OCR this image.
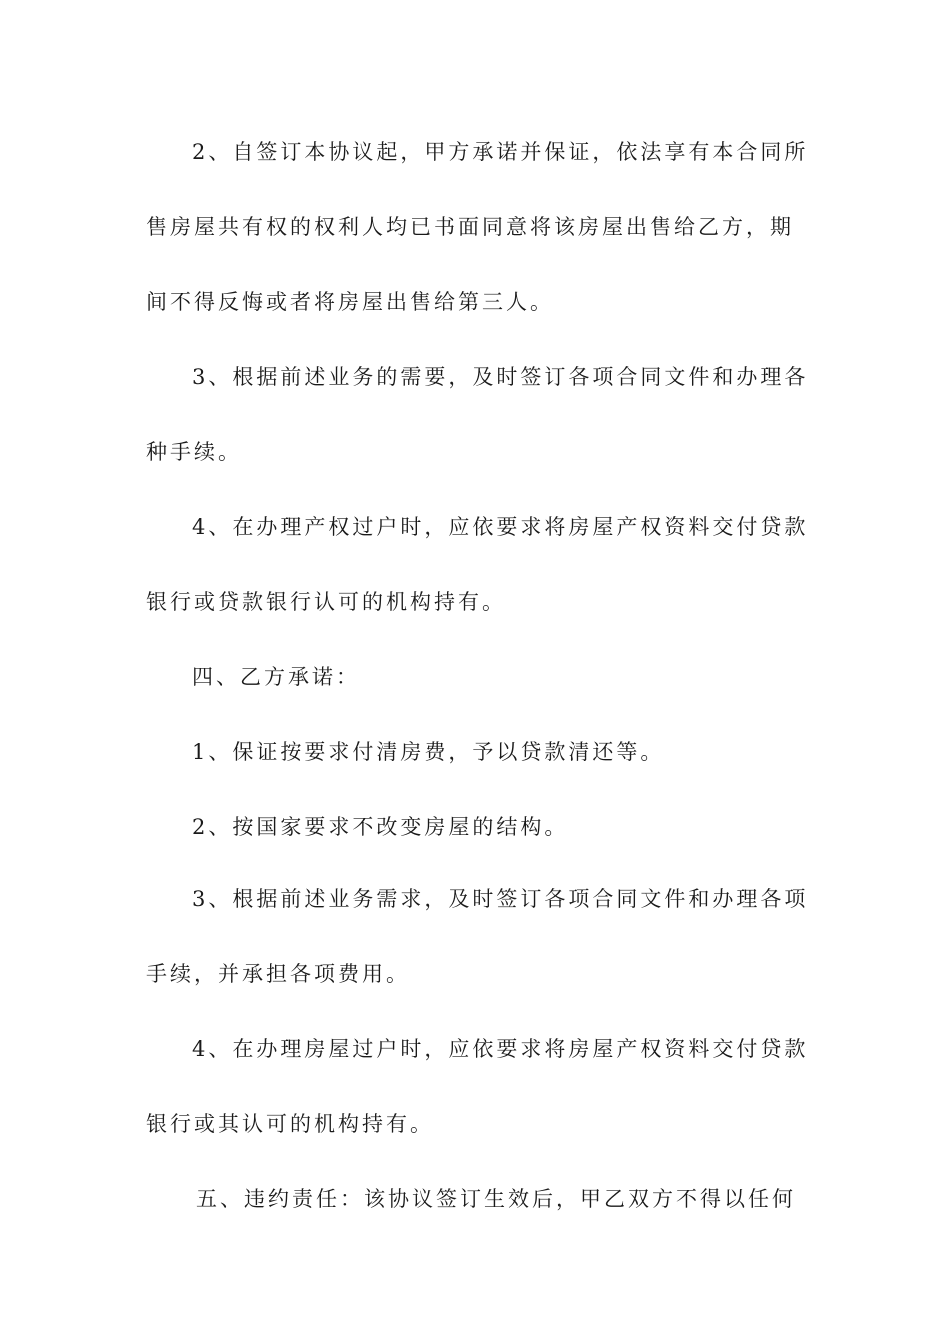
2、自签订本协议起，甲方承诺并保证，依法享有本合同所
售房屋共有权的权利人均已书面同意将该房屋出售给乙方，期
间不得反悔或者将房屋出售给第三人。
3、根据前述业务的需要，及时签订各项合同文件和办理各
种手续。
4、在办理产权过户时，应依要求将房屋产权资料交付贷款
银行或贷款银行认可的机构持有。
四、乙方承诺：
1、保证按要求付清房费，予以贷款清还等。
2、按国家要求不改变房屋的结构。
3、根据前述业务需求，及时签订各项合同文件和办理各项
手续，并承担各项费用。
4、在办理房屋过户时，应依要求将房屋产权资料交付贷款
银行或其认可的机构持有。
五、违约责任：该协议签订生效后，甲乙双方不得以任何
